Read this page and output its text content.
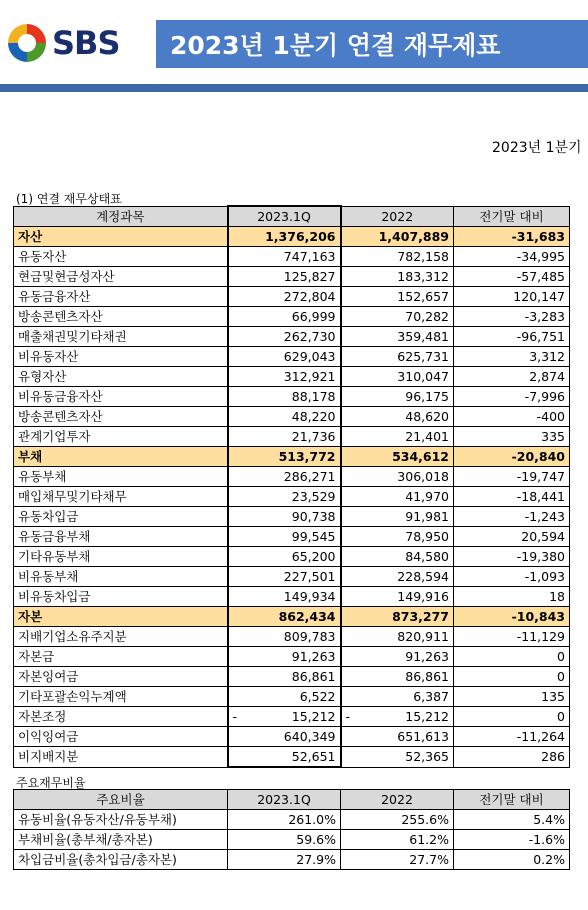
SBS 2023년 1분기 연결 재무제표
2023년 1분기
(1) 연결 재무상태표
계정과목	2023.1Q	2022	전기말 대비
자산	1,376,206	1,407,889	-31,683
유동자산	747,163	782,158	-34,995
현금및현금성자산	125,827	183,312	-57,485
유동금융자산	272,804	152,657	120,147
방송콘텐츠자산	66,999	70,282	-3,283
매출채권및기타채권	262,730	359,481	-96,751
비유동자산	629,043	625,731	3,312
유형자산	312,921	310,047	2,874
비유동금융자산	88,178	96,175	-7,996
방송콘텐츠자산	48,220	48,620	-400
관계기업투자	21,736	21,401	335
부채	513,772	534,612	-20,840
유동부채	286,271	306,018	-19,747
매입채무및기타채무	23,529	41,970	-18,441
유동차입금	90,738	91,981	-1,243
유동금융부채	99,545	78,950	20,594
기타유동부채	65,200	84,580	-19,380
비유동부채	227,501	228,594	-1,093
비유동차입금	149,934	149,916	18
자본	862,434	873,277	-10,843
지배기업소유주지분	809,783	820,911	-11,129
자본금	91,263	91,263	0
자본잉여금	86,861	86,861	0
기타포괄손익누계액	6,522	6,387	135
자본조정	- 15,212	- 15,212	0
이익잉여금	640,349	651,613	-11,264
비지배지분	52,651	52,365	286
주요재무비율
주요비율	2023.1Q	2022	전기말 대비
유동비율(유동자산/유동부채)	261.0%	255.6%	5.4%
부채비율(총부채/총자본)	59.6%	61.2%	-1.6%
차입금비율(총차입금/총자본)	27.9%	27.7%	0.2%
